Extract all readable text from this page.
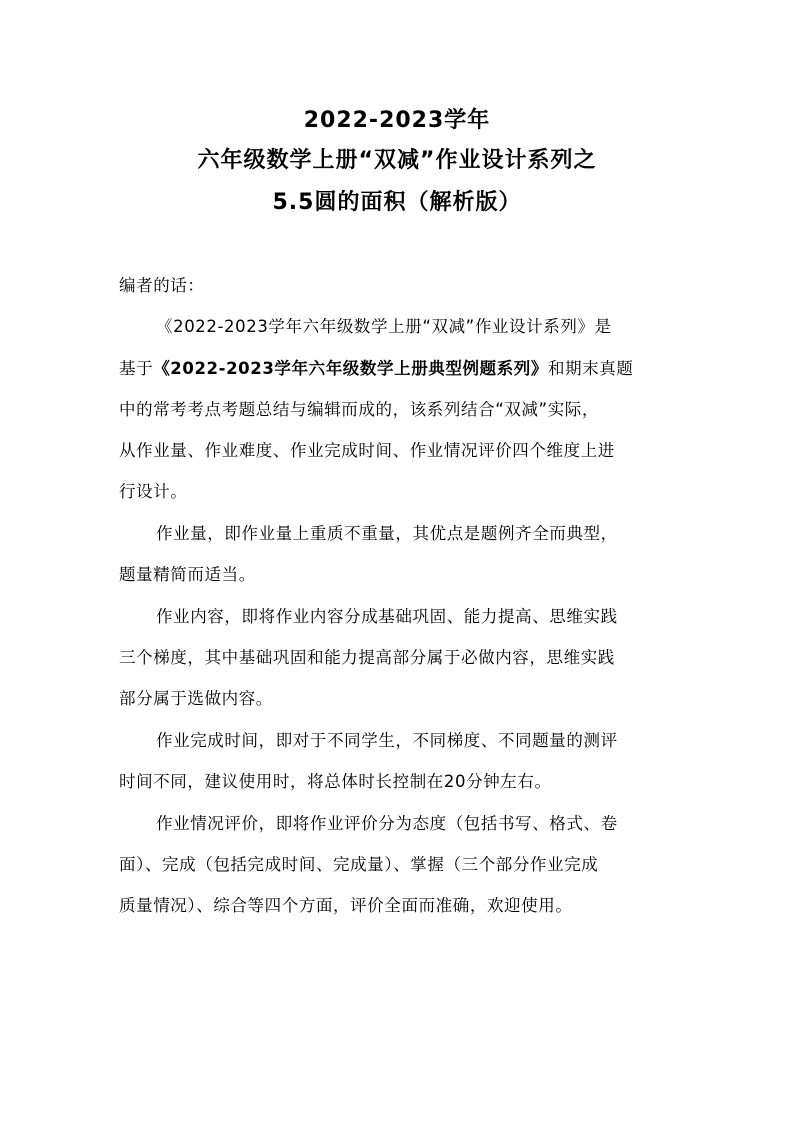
2022-2023学年
六年级数学上册“双减”作业设计系列之
5.5圆的面积（解析版）
编者的话：
《2022-2023学年六年级数学上册“双减”作业设计系列》是
基于《2022-2023学年六年级数学上册典型例题系列》和期末真题
中的常考考点考题总结与编辑而成的，该系列结合“双减”实际，
从作业量、作业难度、作业完成时间、作业情况评价四个维度上进
行设计。
作业量，即作业量上重质不重量，其优点是题例齐全而典型，
题量精简而适当。
作业内容，即将作业内容分成基础巩固、能力提高、思维实践
三个梯度，其中基础巩固和能力提高部分属于必做内容，思维实践
部分属于选做内容。
作业完成时间，即对于不同学生，不同梯度、不同题量的测评
时间不同，建议使用时，将总体时长控制在20分钟左右。
作业情况评价，即将作业评价分为态度（包括书写、格式、卷
面）、完成（包括完成时间、完成量）、掌握（三个部分作业完成
质量情况）、综合等四个方面，评价全面而准确，欢迎使用。
